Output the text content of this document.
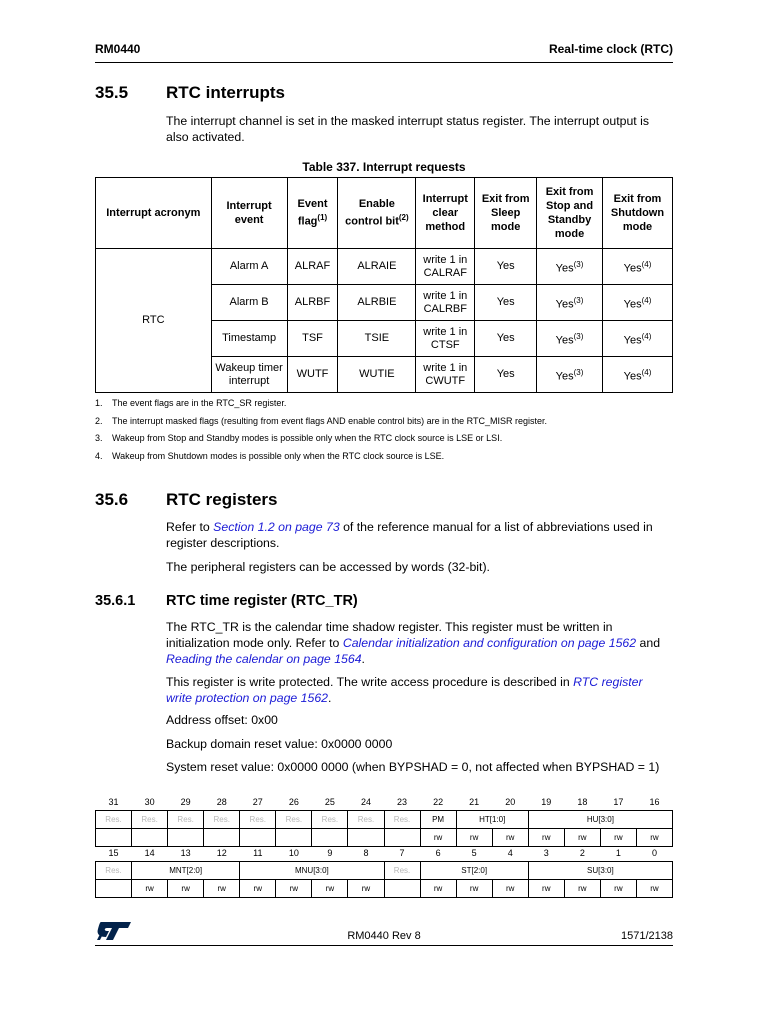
RM0440	Real-time clock (RTC)
35.5 RTC interrupts
The interrupt channel is set in the masked interrupt status register. The interrupt output is also activated.
Table 337. Interrupt requests
Interrupt acronym	Interrupt event	Event flag$^{(1)}$	Enable control bit$^{(2)}$	Interrupt clear method	Exit from Sleep mode	Exit from Stop and Standby mode	Exit from Shutdown mode
RTC	Alarm A	ALRAF	ALRAIE	write 1 in CALRAF	Yes	Yes$^{(3)}$	Yes$^{(4)}$
	Alarm B	ALRBF	ALRBIE	write 1 in CALRBF	Yes	Yes$^{(3)}$	Yes$^{(4)}$
	Timestamp	TSF	TSIE	write 1 in CTSF	Yes	Yes$^{(3)}$	Yes$^{(4)}$
	Wakeup timer interrupt	WUTF	WUTIE	write 1 in CWUTF	Yes	Yes$^{(3)}$	Yes$^{(4)}$
1. The event flags are in the RTC_SR register.
2. The interrupt masked flags (resulting from event flags AND enable control bits) are in the RTC_MISR register.
3. Wakeup from Stop and Standby modes is possible only when the RTC clock source is LSE or LSI.
4. Wakeup from Shutdown modes is possible only when the RTC clock source is LSE.
35.6 RTC registers
Refer to Section 1.2 on page 73 of the reference manual for a list of abbreviations used in register descriptions.
The peripheral registers can be accessed by words (32-bit).
35.6.1 RTC time register (RTC_TR)
The RTC_TR is the calendar time shadow register. This register must be written in initialization mode only. Refer to Calendar initialization and configuration on page 1562 and Reading the calendar on page 1564.
This register is write protected. The write access procedure is described in RTC register write protection on page 1562.
Address offset: 0x00
Backup domain reset value: 0x0000 0000
System reset value: 0x0000 0000 (when BYPSHAD = 0, not affected when BYPSHAD = 1)
31	30	29	28	27	26	25	24	23	22	21	20	19	18	17	16
Res.	Res.	Res.	Res.	Res.	Res.	Res.	Res.	Res.	PM	HT[1:0]		HU[3:0]			
									rw	rw	rw	rw	rw	rw	rw
15	14	13	12	11	10	9	8	7	6	5	4	3	2	1	0
Res.	MNT[2:0]			MNU[3:0]				Res.	ST[2:0]			SU[3:0]			
	rw	rw	rw	rw	rw	rw	rw		rw	rw	rw	rw	rw	rw	rw
RM0440 Rev 8	1571/2138
